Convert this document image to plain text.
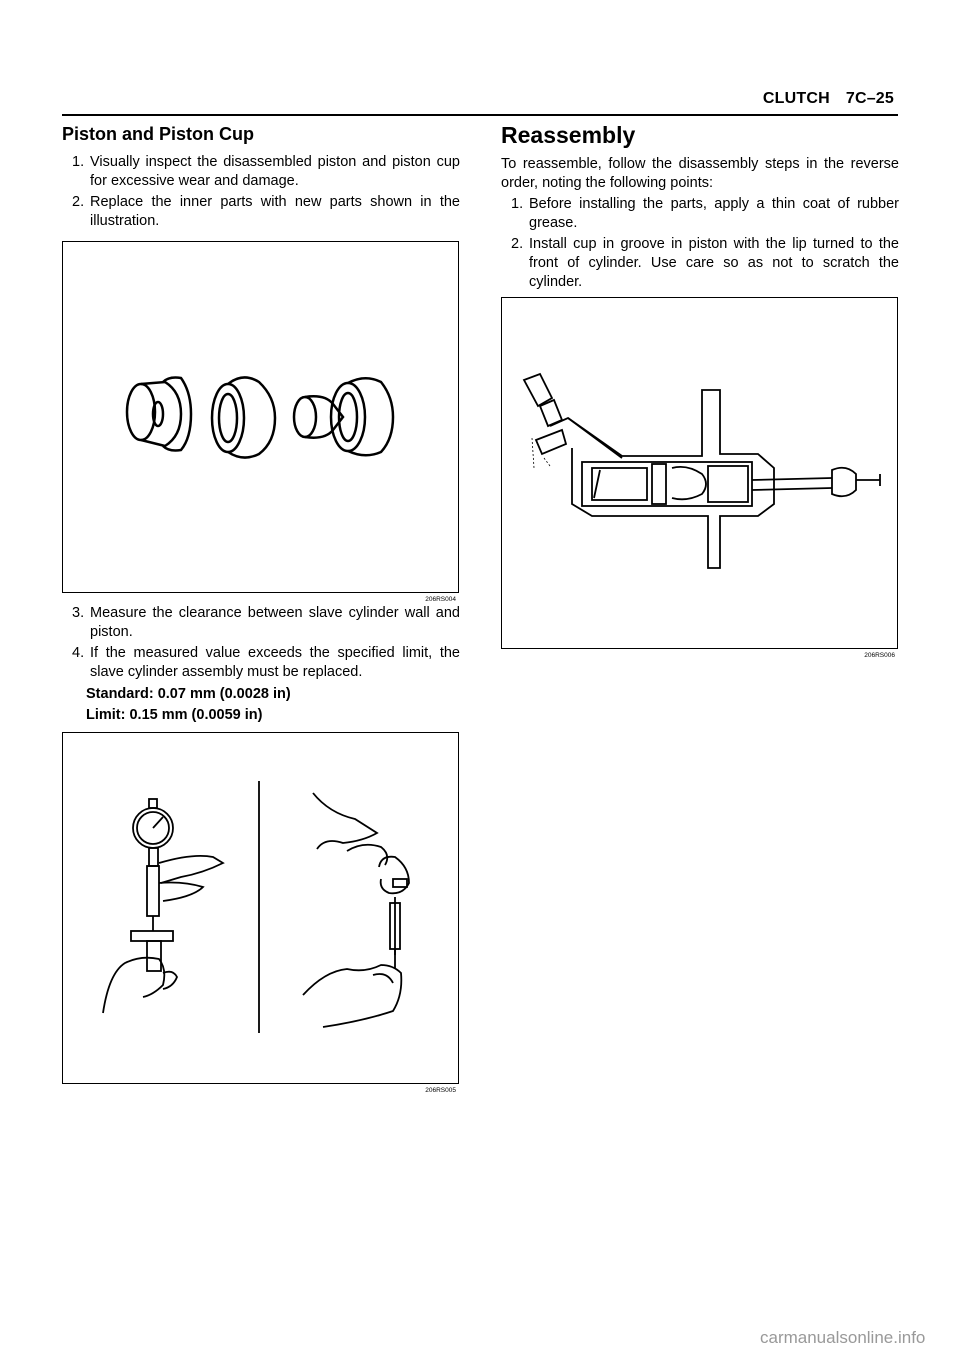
CLUTCH 7C–25
Piston and Piston Cup
1. Visually inspect the disassembled piston and piston cup for excessive wear and damage.
2. Replace the inner parts with new parts shown in the illustration.
206RS004
3. Measure the clearance between slave cylinder wall and piston.
4. If the measured value exceeds the specified limit, the slave cylinder assembly must be replaced.
Standard: 0.07 mm (0.0028 in)
Limit: 0.15 mm (0.0059 in)
206RS005
Reassembly

To reassemble, follow the disassembly steps in the reverse order, noting the following points:

1. Before installing the parts, apply a thin coat of rubber grease.
2. Install cup in groove in piston with the lip turned to the front of cylinder. Use care so as not to scratch the cylinder.
206RS006
carmanualsonline.info
